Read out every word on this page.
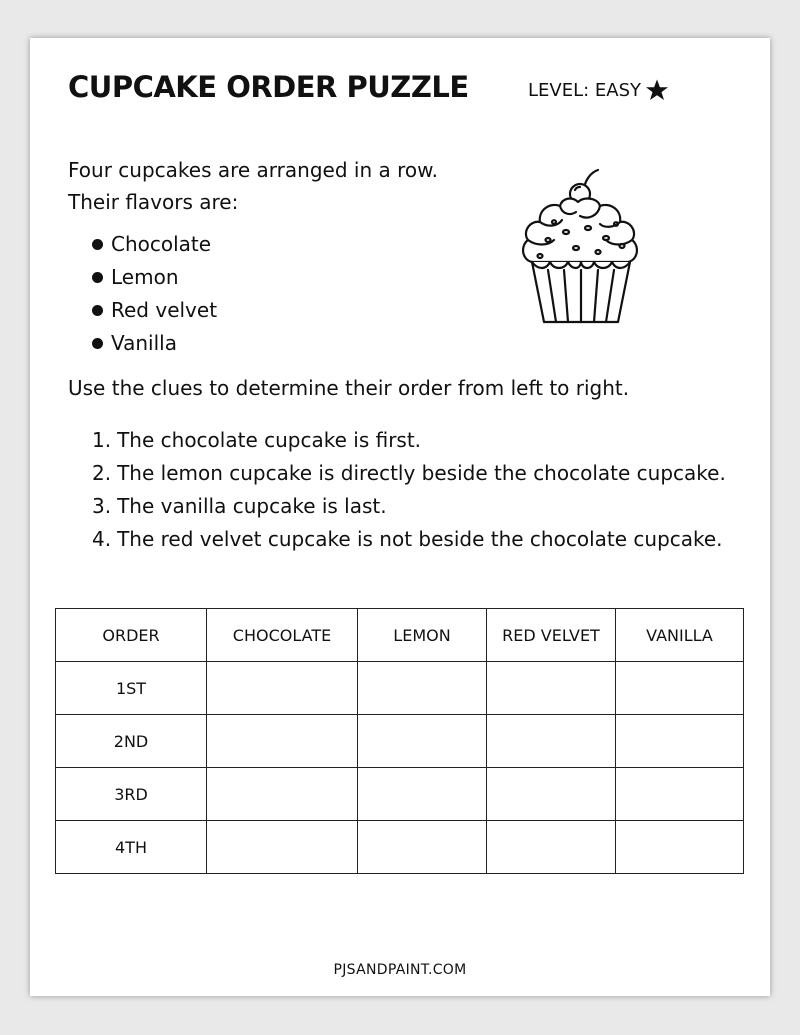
CUPCAKE ORDER PUZZLE	LEVEL: EASY

Four cupcakes are arranged in a row.
Their flavors are:

Chocolate
Lemon
Red velvet
Vanilla

Use the clues to determine their order from left to right.

1. The chocolate cupcake is first.
2. The lemon cupcake is directly beside the chocolate cupcake.
3. The vanilla cupcake is last.
4. The red velvet cupcake is not beside the chocolate cupcake.
ORDER	CHOCOLATE	LEMON	RED VELVET	VANILLA
1ST				
2ND				
3RD				
4TH				
PJSANDPAINT.COM
